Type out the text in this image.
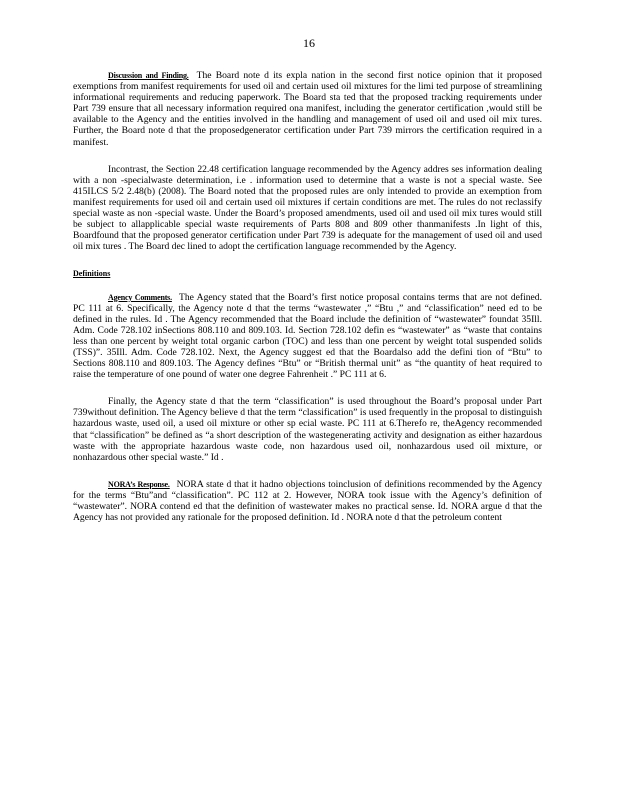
16

Discussion and Finding. The Board note d its expla nation in the second first notice opinion that it proposed exemptions from manifest requirements for used oil and certain used oil mixtures for the limi ted purpose of streamlining informational requirements and reducing paperwork. The Board sta ted that the proposed tracking requirements under Part 739 ensure that all necessary information required ona manifest, including the generator certification ,would still be available to the Agency and the entities involved in the handling and management of used oil and used oil mix tures. Further, the Board note d that the proposedgenerator certification under Part 739 mirrors the certification required in a manifest.

Incontrast, the Section 22.48 certification language recommended by the Agency addres ses information dealing with a non -specialwaste determination, i.e . information used to determine that a waste is not a special waste. See 415ILCS 5/2 2.48(b) (2008). The Board noted that the proposed rules are only intended to provide an exemption from manifest requirements for used oil and certain used oil mixtures if certain conditions are met. The rules do not reclassify special waste as non -special waste. Under the Board’s proposed amendments, used oil and used oil mix tures would still be subject to allapplicable special waste requirements of Parts 808 and 809 other thanmanifests .In light of this, Boardfound that the proposed generator certification under Part 739 is adequate for the management of used oil and used oil mix tures . The Board dec lined to adopt the certification language recommended by the Agency.

Definitions

Agency Comments. The Agency stated that the Board’s first notice proposal contains terms that are not defined. PC 111 at 6. Specifically, the Agency note d that the terms “wastewater ,” “Btu ,” and “classification” need ed to be defined in the rules. Id . The Agency recommended that the Board include the definition of “wastewater” foundat 35Ill. Adm. Code 728.102 inSections 808.110 and 809.103. Id. Section 728.102 defin es “wastewater” as “waste that contains less than one percent by weight total organic carbon (TOC) and less than one percent by weight total suspended solids (TSS)”. 35Ill. Adm. Code 728.102. Next, the Agency suggest ed that the Boardalso add the defini tion of “Btu” to Sections 808.110 and 809.103. The Agency defines “Btu” or “British thermal unit” as “the quantity of heat required to raise the temperature of one pound of water one degree Fahrenheit .” PC 111 at 6.

Finally, the Agency state d that the term “classification” is used throughout the Board’s proposal under Part 739without definition. The Agency believe d that the term “classification” is used frequently in the proposal to distinguish hazardous waste, used oil, a used oil mixture or other sp ecial waste. PC 111 at 6.Therefo re, theAgency recommended that “classification” be defined as “a short description of the wastegenerating activity and designation as either hazardous waste with the appropriate hazardous waste code, non hazardous used oil, nonhazardous used oil mixture, or nonhazardous other special waste.” Id .

NORA’s Response. NORA state d that it hadno objections toinclusion of definitions recommended by the Agency for the terms “Btu”and “classification”. PC 112 at 2. However, NORA took issue with the Agency’s definition of “wastewater”. NORA contend ed that the definition of wastewater makes no practical sense. Id. NORA argue d that the Agency has not provided any rationale for the proposed definition. Id . NORA note d that the petroleum content
